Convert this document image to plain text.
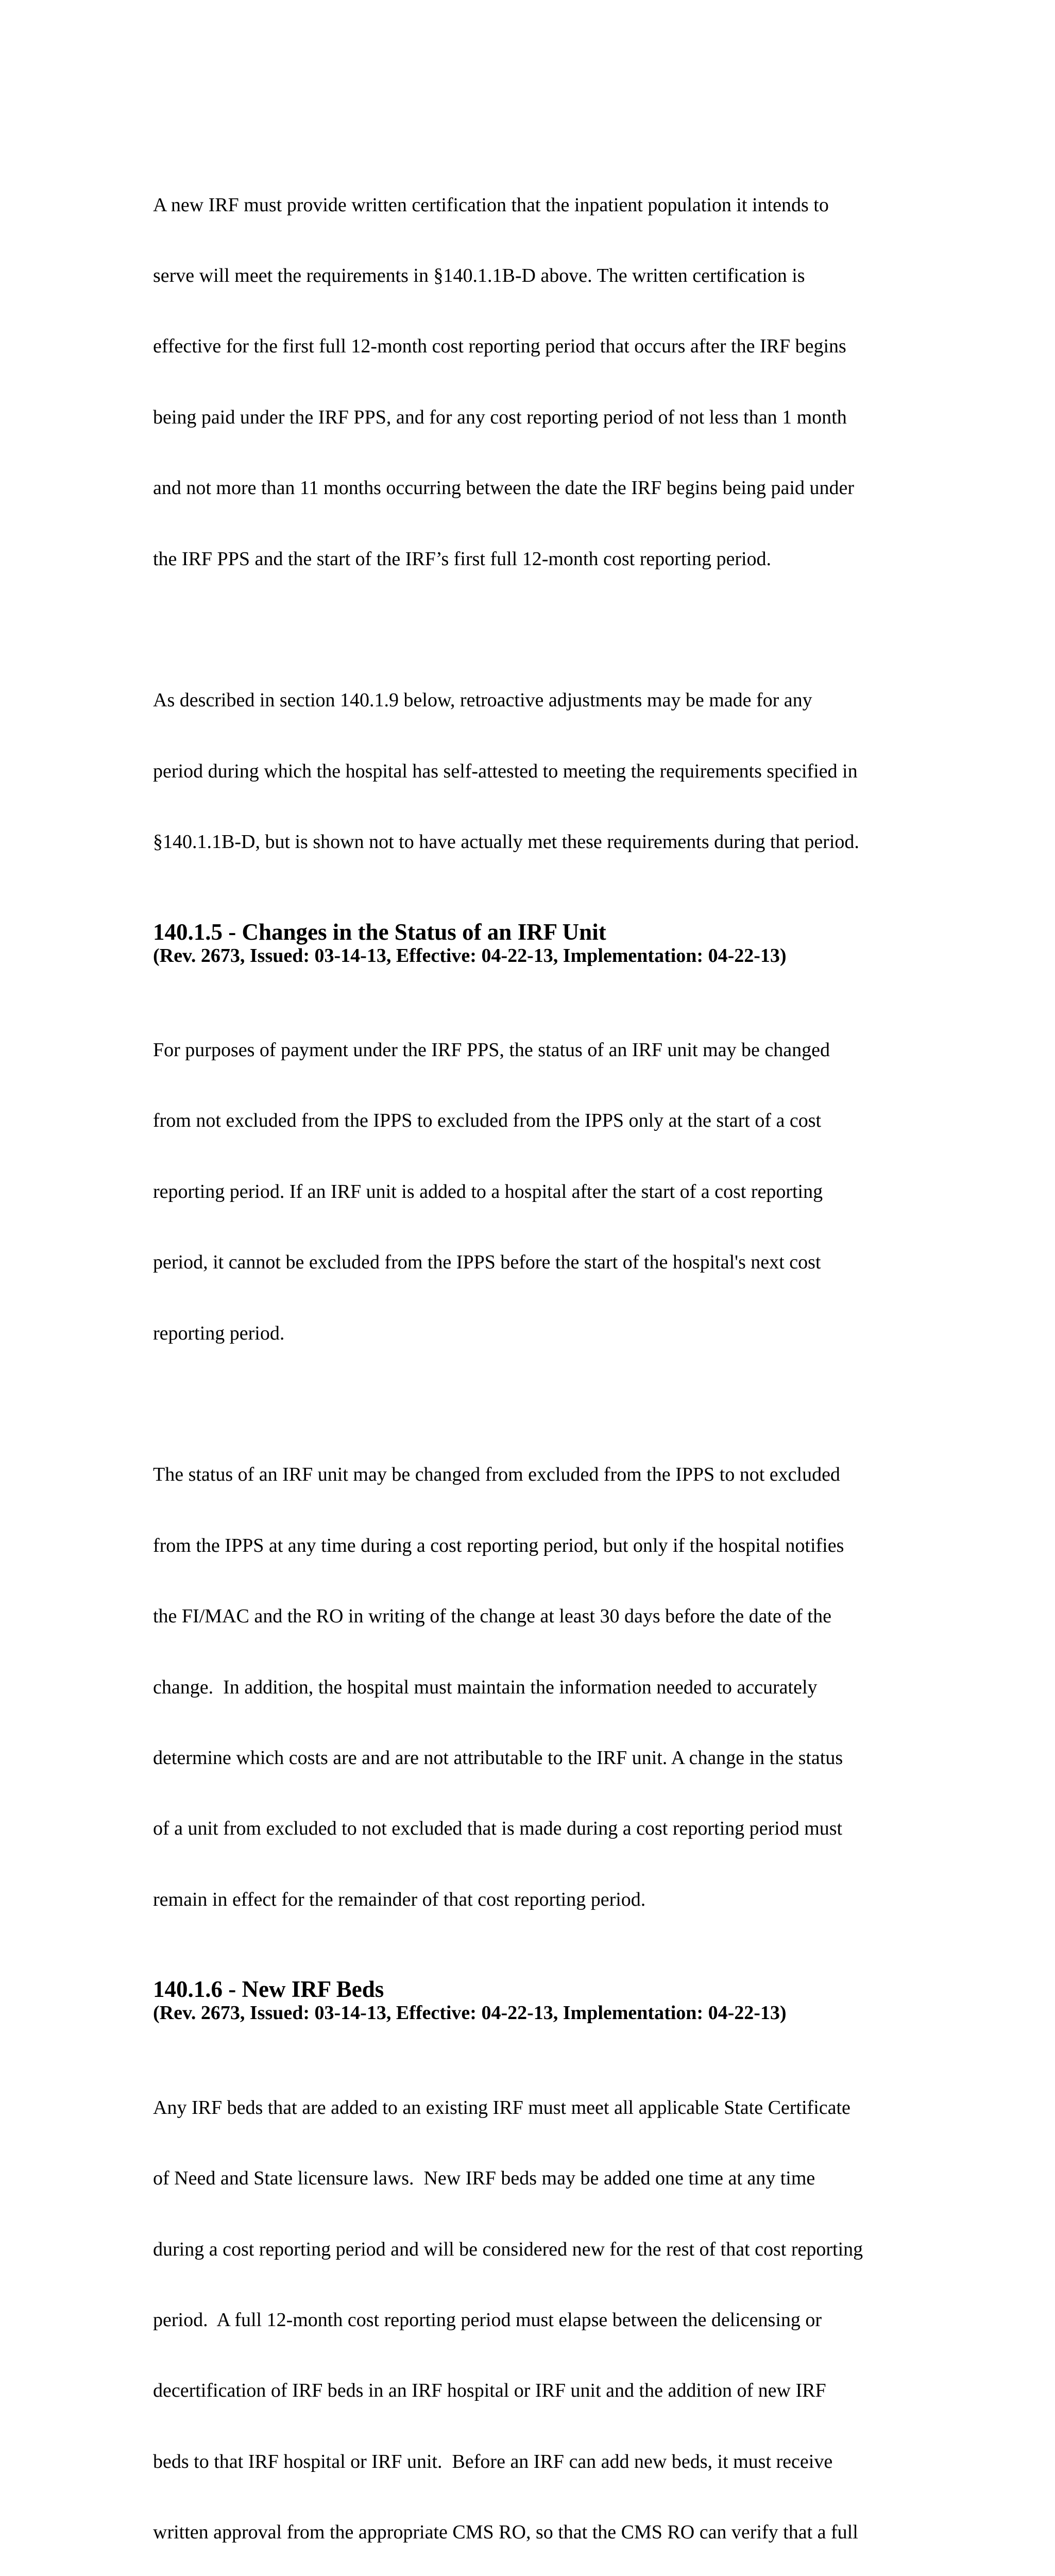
A new IRF must provide written certification that the inpatient population it intends to

serve will meet the requirements in §140.1.1B-D above. The written certification is

effective for the first full 12-month cost reporting period that occurs after the IRF begins

being paid under the IRF PPS, and for any cost reporting period of not less than 1 month

and not more than 11 months occurring between the date the IRF begins being paid under

the IRF PPS and the start of the IRF’s first full 12-month cost reporting period.

As described in section 140.1.9 below, retroactive adjustments may be made for any

period during which the hospital has self-attested to meeting the requirements specified in

§140.1.1B-D, but is shown not to have actually met these requirements during that period.

140.1.5 - Changes in the Status of an IRF Unit
(Rev. 2673, Issued: 03-14-13, Effective: 04-22-13, Implementation: 04-22-13)

For purposes of payment under the IRF PPS, the status of an IRF unit may be changed

from not excluded from the IPPS to excluded from the IPPS only at the start of a cost

reporting period. If an IRF unit is added to a hospital after the start of a cost reporting

period, it cannot be excluded from the IPPS before the start of the hospital's next cost

reporting period.

The status of an IRF unit may be changed from excluded from the IPPS to not excluded

from the IPPS at any time during a cost reporting period, but only if the hospital notifies

the FI/MAC and the RO in writing of the change at least 30 days before the date of the

change.  In addition, the hospital must maintain the information needed to accurately

determine which costs are and are not attributable to the IRF unit. A change in the status

of a unit from excluded to not excluded that is made during a cost reporting period must

remain in effect for the remainder of that cost reporting period.

140.1.6 - New IRF Beds
(Rev. 2673, Issued: 03-14-13, Effective: 04-22-13, Implementation: 04-22-13)

Any IRF beds that are added to an existing IRF must meet all applicable State Certificate

of Need and State licensure laws.  New IRF beds may be added one time at any time

during a cost reporting period and will be considered new for the rest of that cost reporting

period.  A full 12-month cost reporting period must elapse between the delicensing or

decertification of IRF beds in an IRF hospital or IRF unit and the addition of new IRF

beds to that IRF hospital or IRF unit.  Before an IRF can add new beds, it must receive

written approval from the appropriate CMS RO, so that the CMS RO can verify that a full
